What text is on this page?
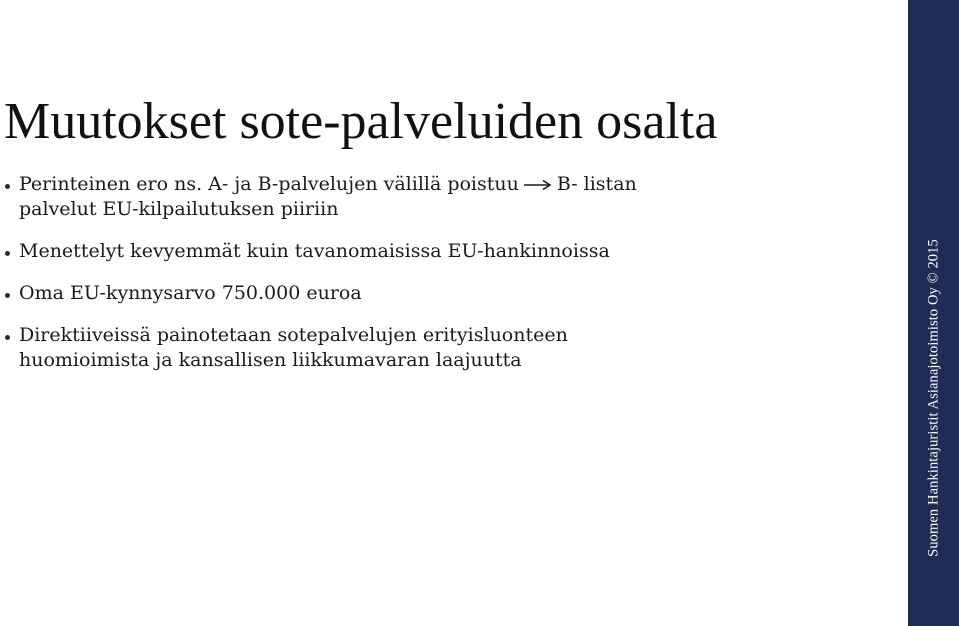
Muutokset sote-palveluiden osalta
Perinteinen ero ns. A- ja B-palvelujen välillä poistuu B- listan
palvelut EU-kilpailutuksen piiriin
Menettelyt kevyemmät kuin tavanomaisissa EU-hankinnoissa
Oma EU-kynnysarvo 750.000 euroa
Direktiiveissä painotetaan sotepalvelujen erityisluonteen
huomioimista ja kansallisen liikkumavaran laajuutta	Suomen Hankintajuristit Asianajotoimisto Oy © 2015
